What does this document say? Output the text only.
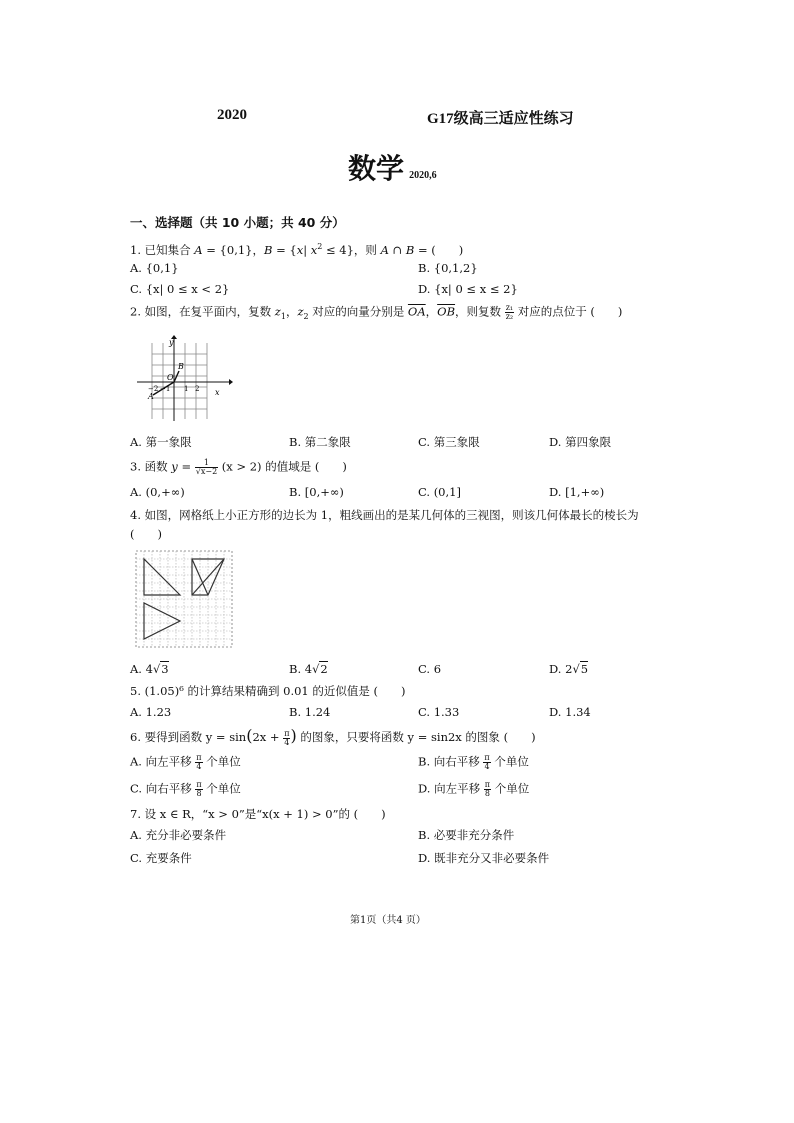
2020	G17级高三适应性练习
数学 2020,6
一、选择题（共 10 小题；共 40 分）
1. 已知集合 A = {0,1}，B = {x| $x^2 \le 4$}，则 A ∩ B = (　　)
A. {0,1}	B. {0,1,2}
C. {x| 0 ≤ x < 2}	D. {x| 0 ≤ x ≤ 2}
2. 如图，在复平面内，复数 $z_1$，$z_2$ 对应的向量分别是 $\overline{OA}$，$\overline{OB}$，则复数 $\frac{\text{z₁}}{\text{z₂}}$ 对应的点位于 (　　)
y
B
O
A	x
−2 −1 1 2
A. 第一象限	B. 第二象限	C. 第三象限	D. 第四象限
3. 函数 $y = \frac{1}{√x-2} (x > 2)$ 的值域是 (　　)
A. (0,+∞)	B. [0,+∞)	C. (0,1]	D. [1,+∞)
4. 如图，网格纸上小正方形的边长为 1，粗线画出的是某几何体的三视图，则该几何体最长的棱长为
(　　)
A. 4√3	B. 4√2	C. 6	D. 2√5
5. (1.05)⁶ 的计算结果精确到 0.01 的近似值是 (　　)
A. 1.23	B. 1.24	C. 1.33	D. 1.34
6. 要得到函数 $y = \sin(2x + \frac{\pi}{4}$ ) 的图象，只要将函数 y = sin2x 的图象 (　　)
A. 向左平移 $\frac{\pi}{4}$ 个单位	B. 向右平移 $\frac{\pi}{4}$ 个单位
C. 向右平移 $\frac{\pi}{8}$ 个单位	D. 向左平移 $\frac{\pi}{8}$ 个单位
7. 设 x ∈ R，“x > 0”是“x(x + 1) > 0”的 (　　)
A. 充分非必要条件	B. 必要非充分条件
C. 充要条件	D. 既非充分又非必要条件
第1页（共4 页）
